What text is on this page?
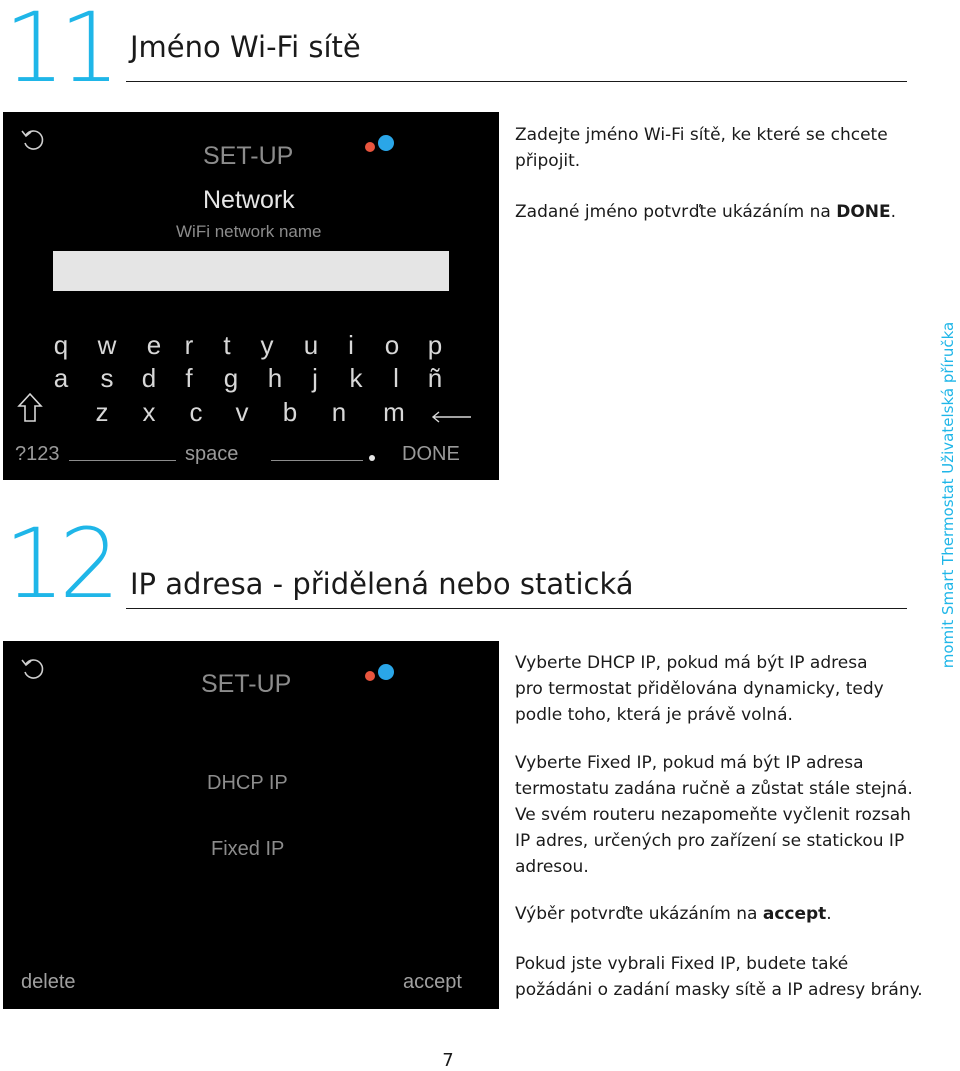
11 Jméno Wi-Fi sítě
SET-UP
Network
WiFi network name
q w e r	t	y	u	i	o p
a	s	d	f	g h	j	k	l	ñ
z	x	c	v	b n m
?123	space	DONE
Zadejte jméno Wi-Fi sítě, ke které se chcete připojit.
Zadané jméno potvrďte ukázáním na DONE.
12 IP adresa - přidělená nebo statická
SET-UP
DHCP IP
Fixed IP
delete	accept
Vyberte DHCP IP, pokud má být IP adresa pro termostat přidělována dynamicky, tedy podle toho, která je právě volná.
Vyberte Fixed IP, pokud má být IP adresa termostatu zadána ručně a zůstat stále stejná. Ve svém routeru nezapomeňte vyčlenit rozsah IP adres, určených pro zařízení se statickou IP adresou.
Výběr potvrďte ukázáním na accept.
Pokud jste vybrali Fixed IP, budete také požádáni o zadání masky sítě a IP adresy brány.
momit Smart Thermostat Uživatelská příručka
7
